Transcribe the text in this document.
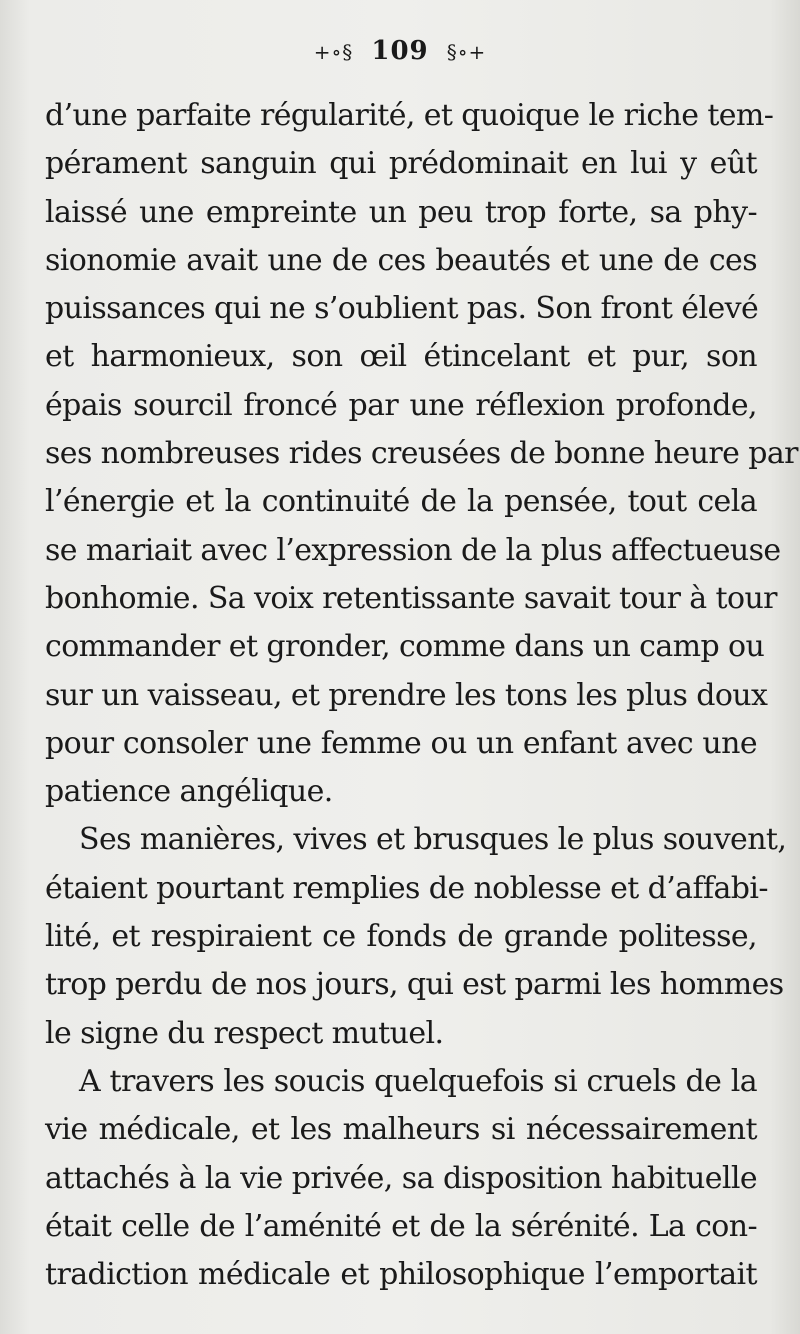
+∘§ 109 §∘+
d’une parfaite régularité, et quoique le riche tem-
pérament sanguin qui prédominait en lui y eût
laissé une empreinte un peu trop forte, sa phy-
sionomie avait une de ces beautés et une de ces
puissances qui ne s’oublient pas. Son front élevé
et harmonieux, son œil étincelant et pur, son
épais sourcil froncé par une réflexion profonde,
ses nombreuses rides creusées de bonne heure par
l’énergie et la continuité de la pensée, tout cela
se mariait avec l’expression de la plus affectueuse
bonhomie. Sa voix retentissante savait tour à tour
commander et gronder, comme dans un camp ou
sur un vaisseau, et prendre les tons les plus doux
pour consoler une femme ou un enfant avec une
patience angélique.
Ses manières, vives et brusques le plus souvent,
étaient pourtant remplies de noblesse et d’affabi-
lité, et respiraient ce fonds de grande politesse,
trop perdu de nos jours, qui est parmi les hommes
le signe du respect mutuel.
A travers les soucis quelquefois si cruels de la
vie médicale, et les malheurs si nécessairement
attachés à la vie privée, sa disposition habituelle
était celle de l’aménité et de la sérénité. La con-
tradiction médicale et philosophique l’emportait
